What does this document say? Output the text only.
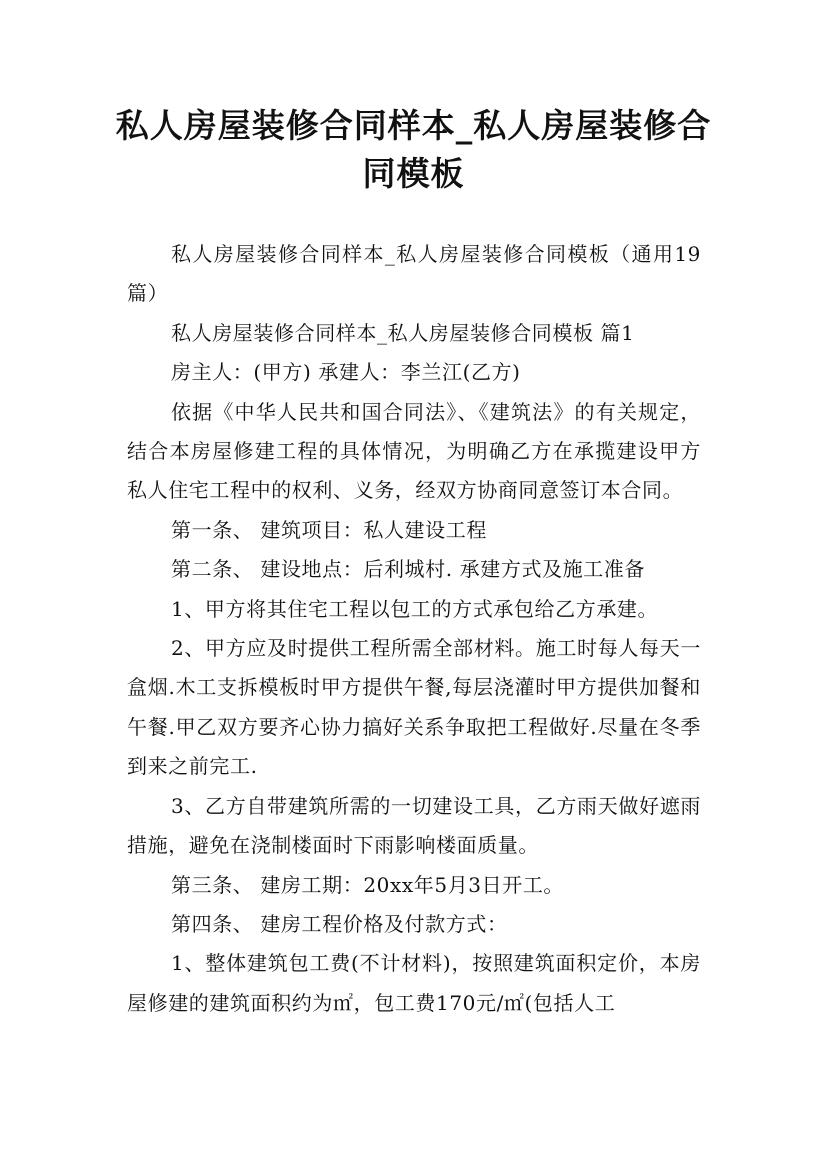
私人房屋装修合同样本_私人房屋装修合同模板

私人房屋装修合同样本_私人房屋装修合同模板（通用19篇）

私人房屋装修合同样本_私人房屋装修合同模板 篇1

房主人：(甲方) 承建人：李兰江(乙方)

依据《中华人民共和国合同法》、《建筑法》的有关规定，结合本房屋修建工程的具体情况，为明确乙方在承揽建设甲方私人住宅工程中的权利、义务，经双方协商同意签订本合同。

第一条、 建筑项目：私人建设工程

第二条、 建设地点：后利城村. 承建方式及施工准备

1、甲方将其住宅工程以包工的方式承包给乙方承建。

2、甲方应及时提供工程所需全部材料。施工时每人每天一盒烟.木工支拆模板时甲方提供午餐,每层浇灌时甲方提供加餐和午餐.甲乙双方要齐心协力搞好关系争取把工程做好.尽量在冬季到来之前完工.

3、乙方自带建筑所需的一切建设工具，乙方雨天做好遮雨措施，避免在浇制楼面时下雨影响楼面质量。

第三条、 建房工期：20xx年5月3日开工。

第四条、 建房工程价格及付款方式：

1、整体建筑包工费(不计材料)，按照建筑面积定价，本房屋修建的建筑面积约为㎡，包工费170元/㎡(包括人工
